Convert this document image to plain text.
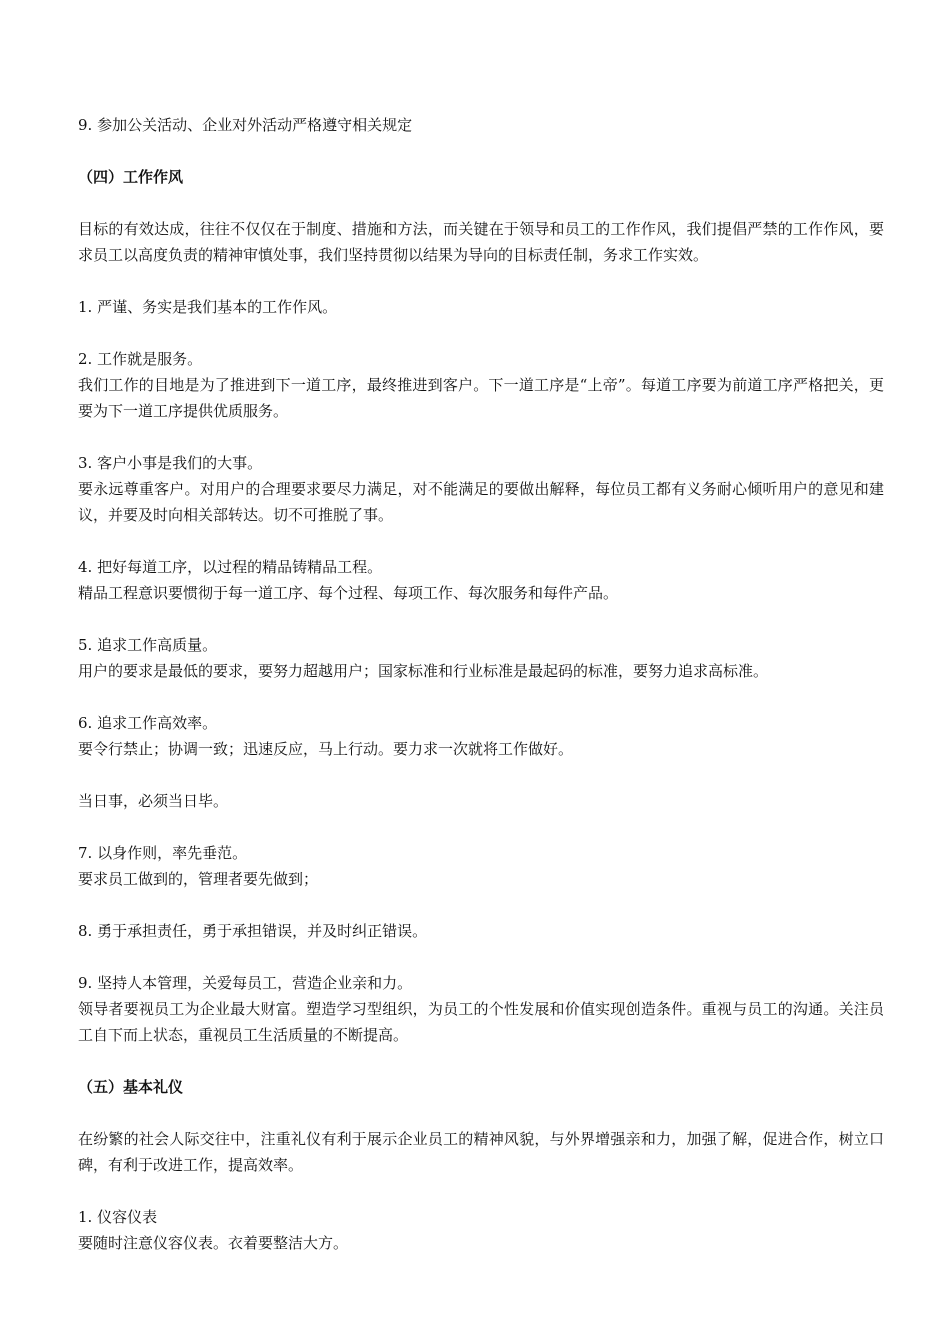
9. 参加公关活动、企业对外活动严格遵守相关规定
（四）工作作风
目标的有效达成，往往不仅仅在于制度、措施和方法，而关键在于领导和员工的工作作风，我们提倡严禁的工作作风，要求员工以高度负责的精神审慎处事，我们坚持贯彻以结果为导向的目标责任制，务求工作实效。
1. 严谨、务实是我们基本的工作作风。
2. 工作就是服务。
我们工作的目地是为了推进到下一道工序，最终推进到客户。下一道工序是“上帝”。每道工序要为前道工序严格把关，更要为下一道工序提供优质服务。
3. 客户小事是我们的大事。
要永远尊重客户。对用户的合理要求要尽力满足，对不能满足的要做出解释，每位员工都有义务耐心倾听用户的意见和建议，并要及时向相关部转达。切不可推脱了事。
4. 把好每道工序，以过程的精品铸精品工程。
精品工程意识要惯彻于每一道工序、每个过程、每项工作、每次服务和每件产品。
5. 追求工作高质量。
用户的要求是最低的要求，要努力超越用户；国家标准和行业标准是最起码的标准，要努力追求高标准。
6. 追求工作高效率。
要令行禁止；协调一致；迅速反应，马上行动。要力求一次就将工作做好。
当日事，必须当日毕。
7. 以身作则，率先垂范。
要求员工做到的，管理者要先做到；
8. 勇于承担责任，勇于承担错误，并及时纠正错误。
9. 坚持人本管理，关爱每员工，营造企业亲和力。
领导者要视员工为企业最大财富。塑造学习型组织，为员工的个性发展和价值实现创造条件。重视与员工的沟通。关注员工自下而上状态，重视员工生活质量的不断提高。
（五）基本礼仪
在纷繁的社会人际交往中，注重礼仪有利于展示企业员工的精神风貌，与外界增强亲和力，加强了解，促进合作，树立口碑，有利于改进工作，提高效率。
1. 仪容仪表
要随时注意仪容仪表。衣着要整洁大方。
